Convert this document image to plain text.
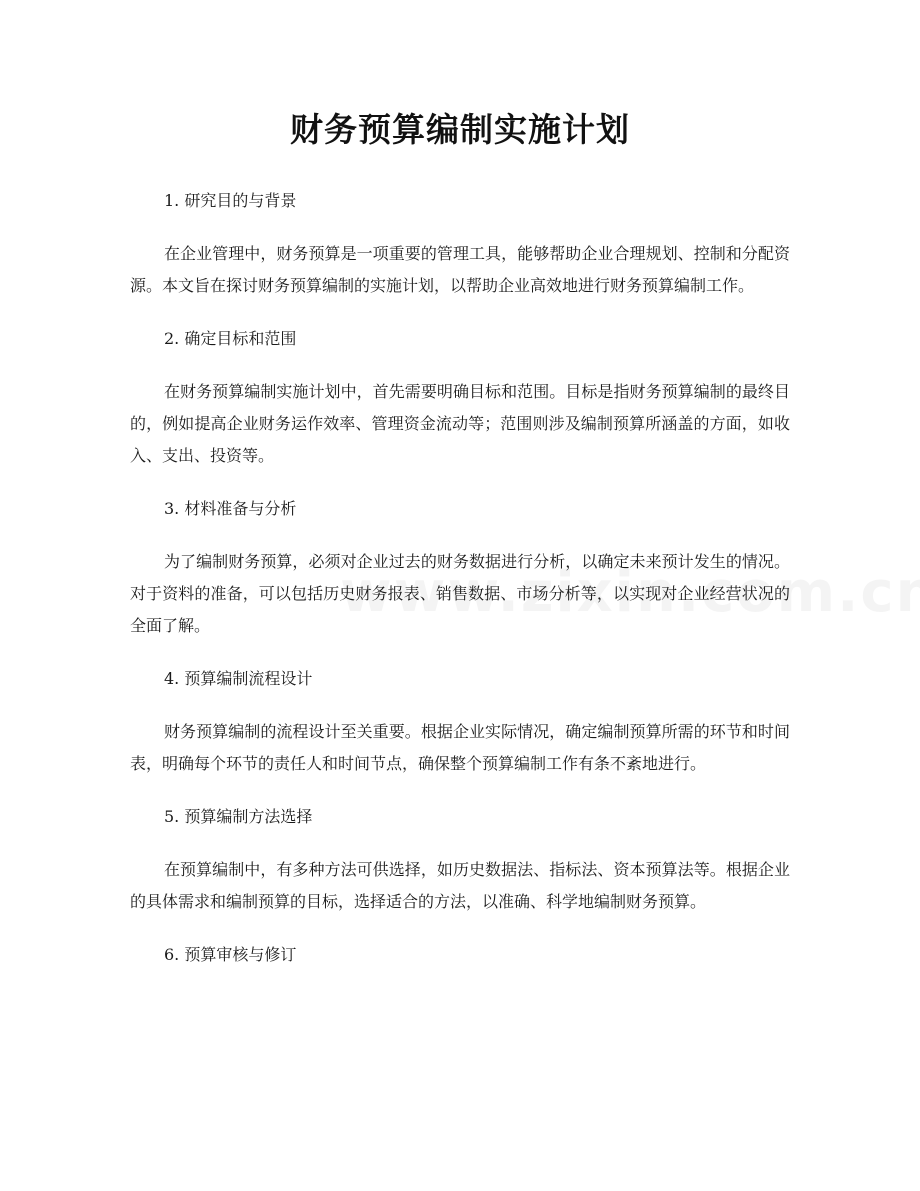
财务预算编制实施计划

1. 研究目的与背景

在企业管理中，财务预算是一项重要的管理工具，能够帮助企业合理规划、控制和分配资源。本文旨在探讨财务预算编制的实施计划，以帮助企业高效地进行财务预算编制工作。

2. 确定目标和范围

在财务预算编制实施计划中，首先需要明确目标和范围。目标是指财务预算编制的最终目的，例如提高企业财务运作效率、管理资金流动等；范围则涉及编制预算所涵盖的方面，如收入、支出、投资等。

3. 材料准备与分析

为了编制财务预算，必须对企业过去的财务数据进行分析，以确定未来预计发生的情况。对于资料的准备，可以包括历史财务报表、销售数据、市场分析等，以实现对企业经营状况的全面了解。

4. 预算编制流程设计

财务预算编制的流程设计至关重要。根据企业实际情况，确定编制预算所需的环节和时间表，明确每个环节的责任人和时间节点，确保整个预算编制工作有条不紊地进行。

5. 预算编制方法选择

在预算编制中，有多种方法可供选择，如历史数据法、指标法、资本预算法等。根据企业的具体需求和编制预算的目标，选择适合的方法，以准确、科学地编制财务预算。

6. 预算审核与修订
